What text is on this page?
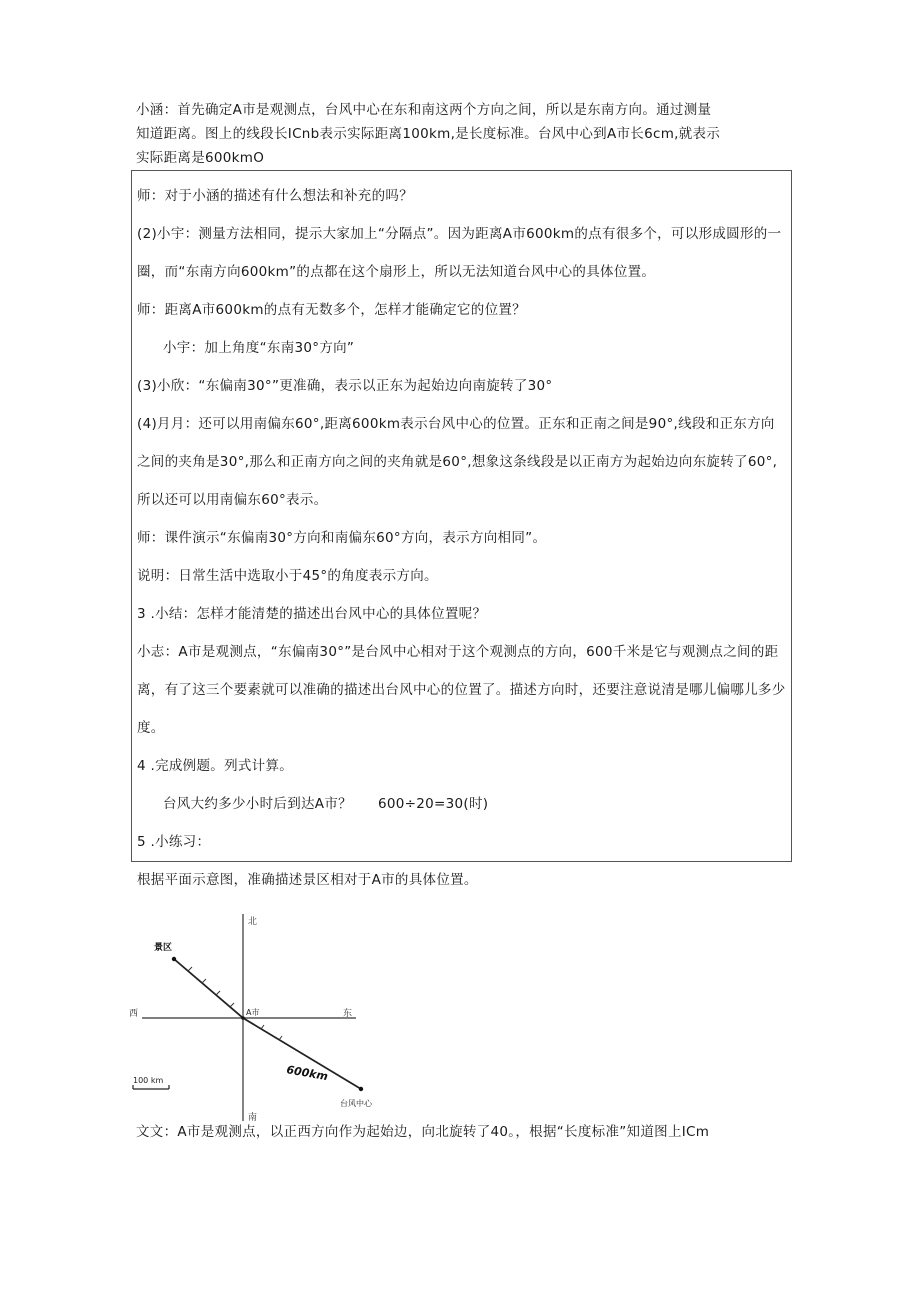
小涵：首先确定A市是观测点，台风中心在东和南这两个方向之间，所以是东南方向。通过测量

知道距离。图上的线段长ICnb表示实际距离100km,是长度标准。台风中心到A市长6cm,就表示

实际距离是600kmO

师：对于小涵的描述有什么想法和补充的吗？

(2)小宇：测量方法相同，提示大家加上“分隔点”。因为距离A市600km的点有很多个，可以形成圆形的一圈，而“东南方向600km”的点都在这个扇形上，所以无法知道台风中心的具体位置。

师：距离A市600km的点有无数多个，怎样才能确定它的位置？

小宇：加上角度“东南30°方向”

(3)小欣：“东偏南30°”更准确，表示以正东为起始边向南旋转了30°

(4)月月：还可以用南偏东60°,距离600km表示台风中心的位置。正东和正南之间是90°,线段和正东方向之间的夹角是30°,那么和正南方向之间的夹角就是60°,想象这条线段是以正南方为起始边向东旋转了60°,所以还可以用南偏东60°表示。

师：课件演示“东偏南30°方向和南偏东60°方向，表示方向相同”。

说明：日常生活中选取小于45°的角度表示方向。

3 .小结：怎样才能清楚的描述出台风中心的具体位置呢？

小志：A市是观测点，“东偏南30°”是台风中心相对于这个观测点的方向，600千米是它与观测点之间的距离，有了这三个要素就可以准确的描述出台风中心的位置了。描述方向时，还要注意说清是哪儿偏哪儿多少度。

4 .完成例题。列式计算。

台风大约多少小时后到达A市？ 600÷20=30(时)

5 .小练习：

根据平面示意图，准确描述景区相对于A市的具体位置。

北
南
西	东
景区
A市
台风中心
600km
100 km
文文：A市是观测点，以正西方向作为起始边，向北旋转了40。，根据“长度标准”知道图上ICm
